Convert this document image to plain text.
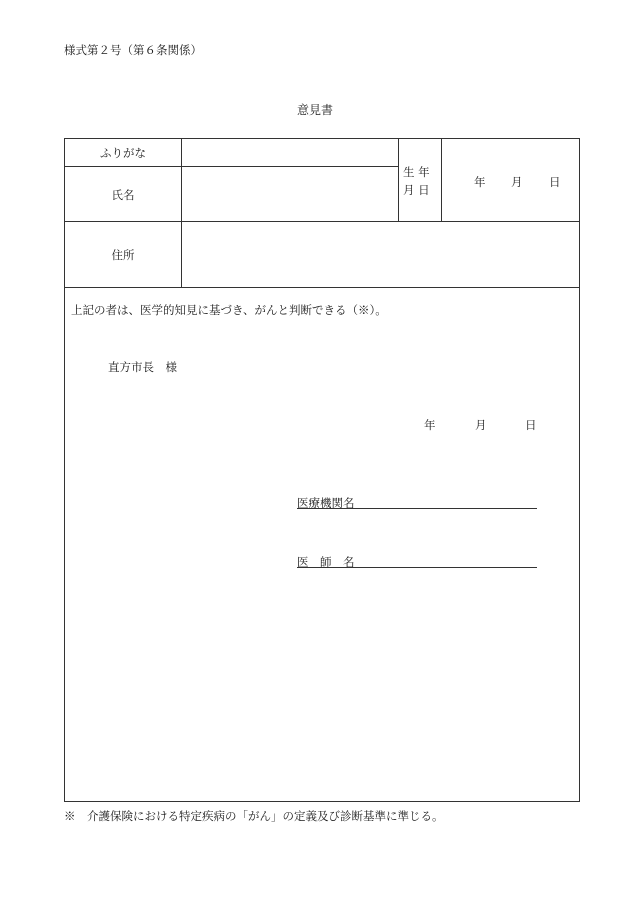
様式第２号（第６条関係）
意見書
ふりがな
氏名
生 年
月 日
年 月 日
住所
上記の者は、医学的知見に基づき、がんと判断できる（※）。
直方市長　様
年	月	日
医療機関名
医　師　名
※　介護保険における特定疾病の「がん」の定義及び診断基準に準じる。
